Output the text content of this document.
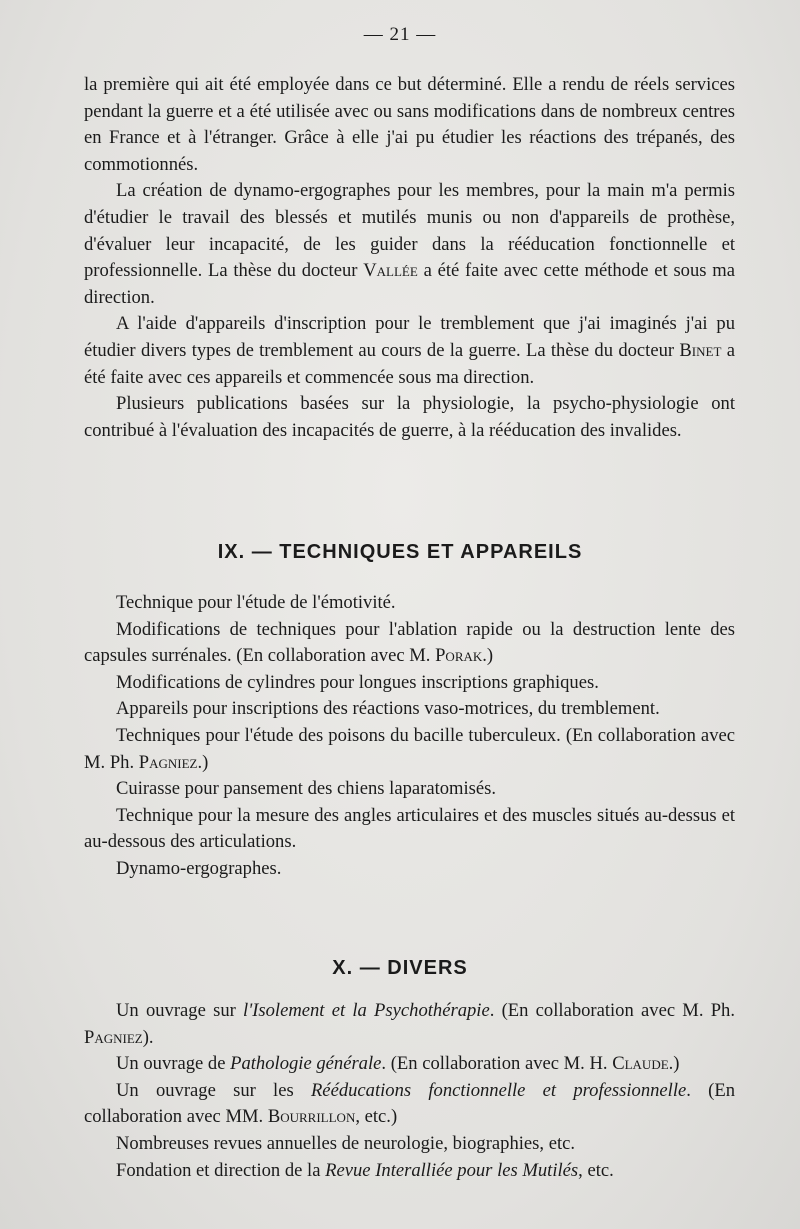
— 21 —

la première qui ait été employée dans ce but déterminé. Elle a rendu de réels services pendant la guerre et a été utilisée avec ou sans modifications dans de nombreux centres en France et à l'étranger. Grâce à elle j'ai pu étudier les réactions des trépanés, des commotionnés.

La création de dynamo-ergographes pour les membres, pour la main m'a permis d'étudier le travail des blessés et mutilés munis ou non d'appareils de prothèse, d'évaluer leur incapacité, de les guider dans la rééducation fonctionnelle et professionnelle. La thèse du docteur Vallée a été faite avec cette méthode et sous ma direction.

A l'aide d'appareils d'inscription pour le tremblement que j'ai imaginés j'ai pu étudier divers types de tremblement au cours de la guerre. La thèse du docteur Binet a été faite avec ces appareils et commencée sous ma direction.

Plusieurs publications basées sur la physiologie, la psycho-physiologie ont contribué à l'évaluation des incapacités de guerre, à la rééducation des invalides.

IX. — TECHNIQUES ET APPAREILS

Technique pour l'étude de l'émotivité.

Modifications de techniques pour l'ablation rapide ou la destruction lente des capsules surrénales. (En collaboration avec M. Porak.)

Modifications de cylindres pour longues inscriptions graphiques.

Appareils pour inscriptions des réactions vaso-motrices, du tremblement.

Techniques pour l'étude des poisons du bacille tuberculeux. (En collaboration avec M. Ph. Pagniez.)

Cuirasse pour pansement des chiens laparatomisés.

Technique pour la mesure des angles articulaires et des muscles situés au-dessus et au-dessous des articulations.

Dynamo-ergographes.

X. — DIVERS

Un ouvrage sur l'Isolement et la Psychothérapie. (En collaboration avec M. Ph. Pagniez).

Un ouvrage de Pathologie générale. (En collaboration avec M. H. Claude.)

Un ouvrage sur les Rééducations fonctionnelle et professionnelle. (En collaboration avec MM. Bourrillon, etc.)

Nombreuses revues annuelles de neurologie, biographies, etc.

Fondation et direction de la Revue Interalliée pour les Mutilés, etc.
